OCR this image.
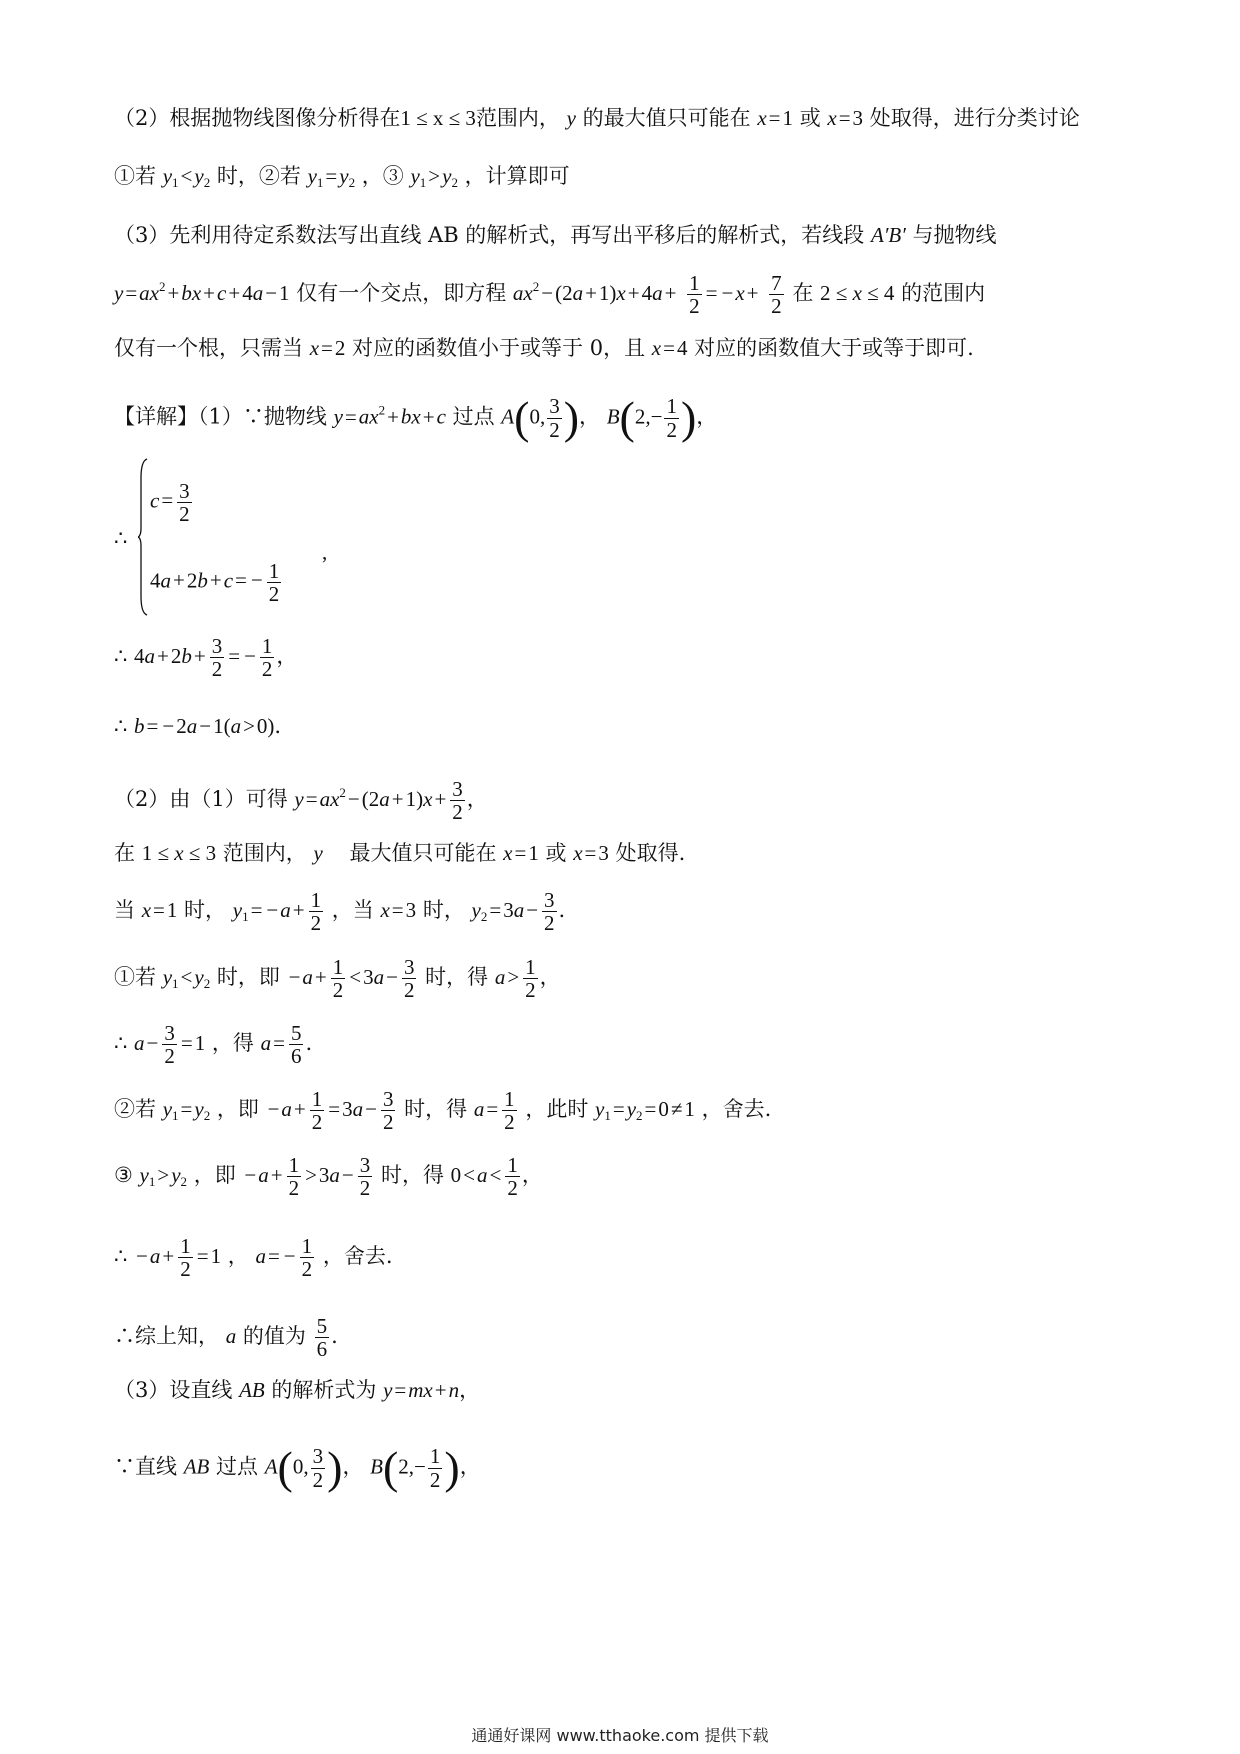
（2）根据抛物线图像分析得在1 ≤ x ≤ 3范围内， y 的最大值只可能在 x=1 或 x=3 处取得，进行分类讨论
①若 $y_1<y_2$ 时，②若 $y_1=y_2$ ，③ $y_1>y_2$ ，计算即可
（3）先利用待定系数法写出直线 AB 的解析式，再写出平移后的解析式，若线段 A′B′ 与抛物线
$y=ax^2+bx+c+4a-1$ 仅有一个交点，即方程 $ax^2-(2a+1)x+4a+ \frac{1}{2} = -x+ \frac{7}{2}$ 在 2 ≤ x ≤ 4 的范围内
仅有一个根，只需当 x=2 对应的函数值小于或等于 0，且 x=4 对应的函数值大于或等于即可.
【详解】（1）∵抛物线 $y=ax^2+bx+c$ 过点 A(0, $\frac{3}{2}$ )， $B(2,- \frac{1}{2}$ )，
∴
$c= \frac{3}{2}$
$4a+2b+c= - \frac{1}{2}$
,
∴ $4a+2b+ \frac{3}{2}$ = − $\frac{1}{2}$ ，
∴ b= −2a−1(a>0).
（2）由（1）可得 $y=ax^2-(2a+1)x+ \frac{3}{2}$ ，
在 1 ≤ x ≤ 3 范围内， y 最大值只可能在 x=1 或 x=3 处取得.
当 x=1 时， $y_1= -a+ \frac{1}{2}$ ，当 x=3 时， $y_2=3a- \frac{3}{2}$ .
①若 $y_1<y_2$ 时，即 $-a+ \frac{1}{2} <3a- \frac{3}{2}$ 时，得 $a> \frac{1}{2}$ ，
∴ $a- \frac{3}{2} =1$ ，得 $a= \frac{5}{6}$ .
②若 $y_1=y_2$ ，即 $-a+ \frac{1}{2} =3a- \frac{3}{2}$ 时，得 $a= \frac{1}{2}$ ，此时 $y_1=y_2=0\ne 1$ ，舍去.
③ $y_1>y_2$ ，即 $-a+ \frac{1}{2} >3a- \frac{3}{2}$ 时，得 $0<a< \frac{1}{2}$ ，
∴ $-a+ \frac{1}{2} =1$ ， $a= - \frac{1}{2}$ ，舍去.
∴综上知， a 的值为 $\frac{5}{6}$ .
（3）设直线 AB 的解析式为 y=mx+n，
∵直线 AB 过点 A(0, $\frac{3}{2}$ )， $B(2,- \frac{1}{2}$ )，
通通好课网 www.tthaoke.com 提供下载
